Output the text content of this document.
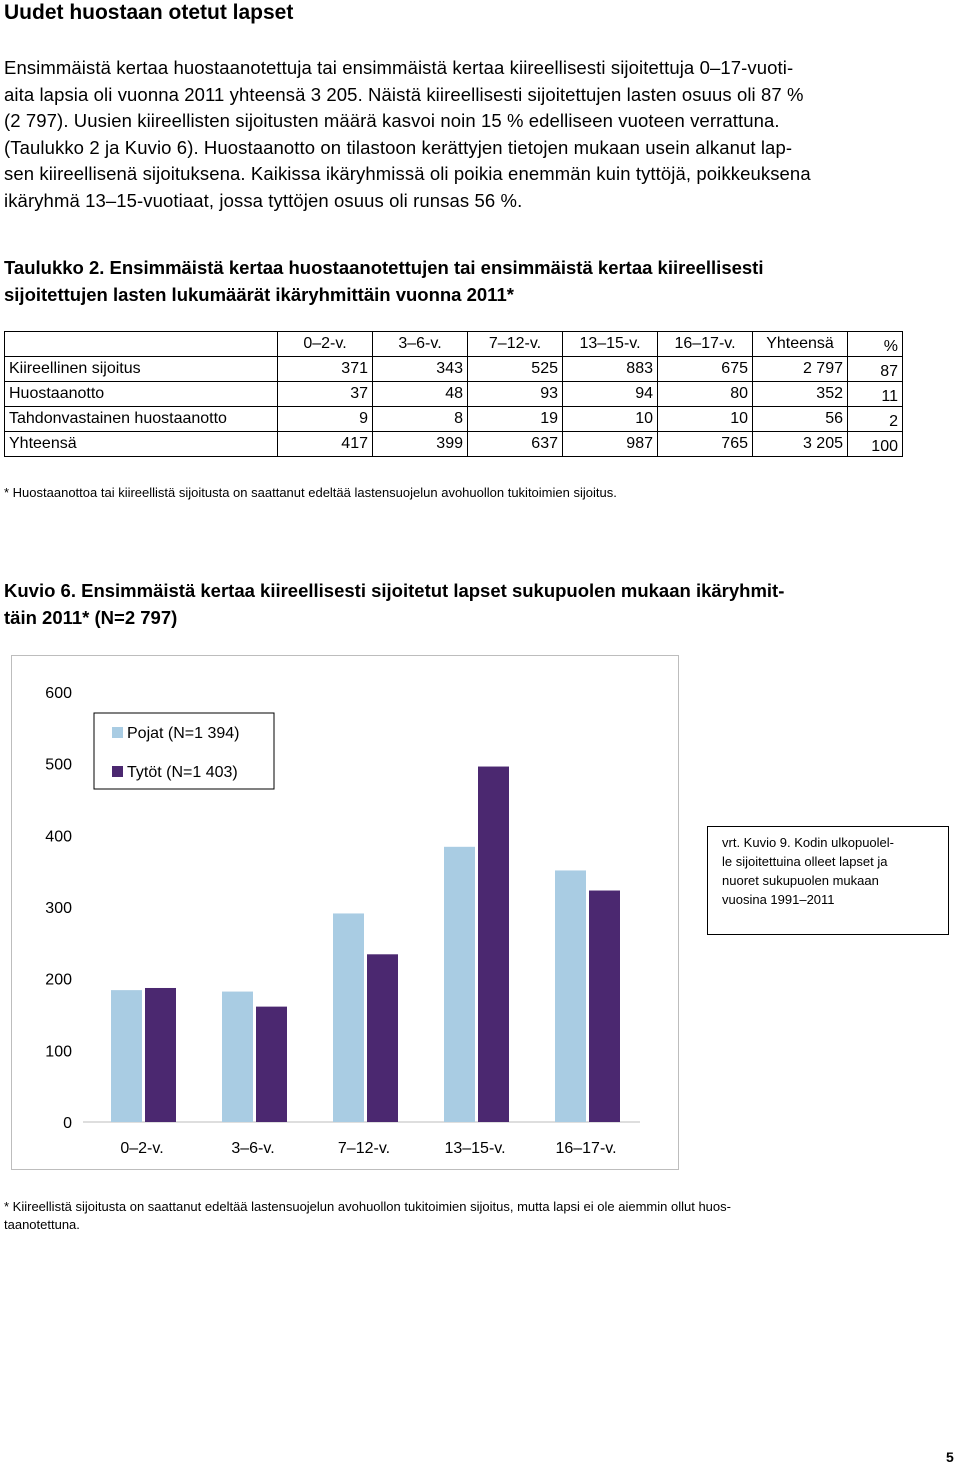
Uudet huostaan otetut lapset
Ensimmäistä kertaa huostaanotettuja tai ensimmäistä kertaa kiireellisesti sijoitettuja 0–17-vuoti-
aita lapsia oli vuonna 2011 yhteensä 3 205. Näistä kiireellisesti sijoitettujen lasten osuus oli 87 %
(2 797). Uusien kiireellisten sijoitusten määrä kasvoi noin 15 % edelliseen vuoteen verrattuna.
(Taulukko 2 ja Kuvio 6). Huostaanotto on tilastoon kerättyjen tietojen mukaan usein alkanut lap-
sen kiireellisenä sijoituksena. Kaikissa ikäryhmissä oli poikia enemmän kuin tyttöjä, poikkeuksena
ikäryhmä 13–15-vuotiaat, jossa tyttöjen osuus oli runsas 56 %.
Taulukko 2. Ensimmäistä kertaa huostaanotettujen tai ensimmäistä kertaa kiireellisesti
sijoitettujen lasten lukumäärät ikäryhmittäin vuonna 2011*
	0–2-v.	3–6-v.	7–12-v.	13–15-v.	16–17-v.	Yhteensä	%
Kiireellinen sijoitus	371	343	525	883	675	2 797	87
Huostaanotto	37	48	93	94	80	352	11
Tahdonvastainen huostaanotto	9	8	19	10	10	56	2
Yhteensä	417	399	637	987	765	3 205	100

* Huostaanottoa tai kiireellistä sijoitusta on saattanut edeltää lastensuojelun avohuollon tukitoimien sijoitus.

Kuvio 6. Ensimmäistä kertaa kiireellisesti sijoitetut lapset sukupuolen mukaan ikäryhmit-
täin 2011* (N=2 797)
0
100
200
300
400
500
600
0–2-v.	3–6-v.	7–12-v.	13–15-v.	16–17-v.
Pojat (N=1 394)
Tytöt (N=1 403)
vrt. Kuvio 9. Kodin ulkopuolel-
le sijoitettuina olleet lapset ja
nuoret sukupuolen mukaan
vuosina 1991–2011
* Kiireellistä sijoitusta on saattanut edeltää lastensuojelun avohuollon tukitoimien sijoitus, mutta lapsi ei ole aiemmin ollut huos-
taanotettuna.
5
